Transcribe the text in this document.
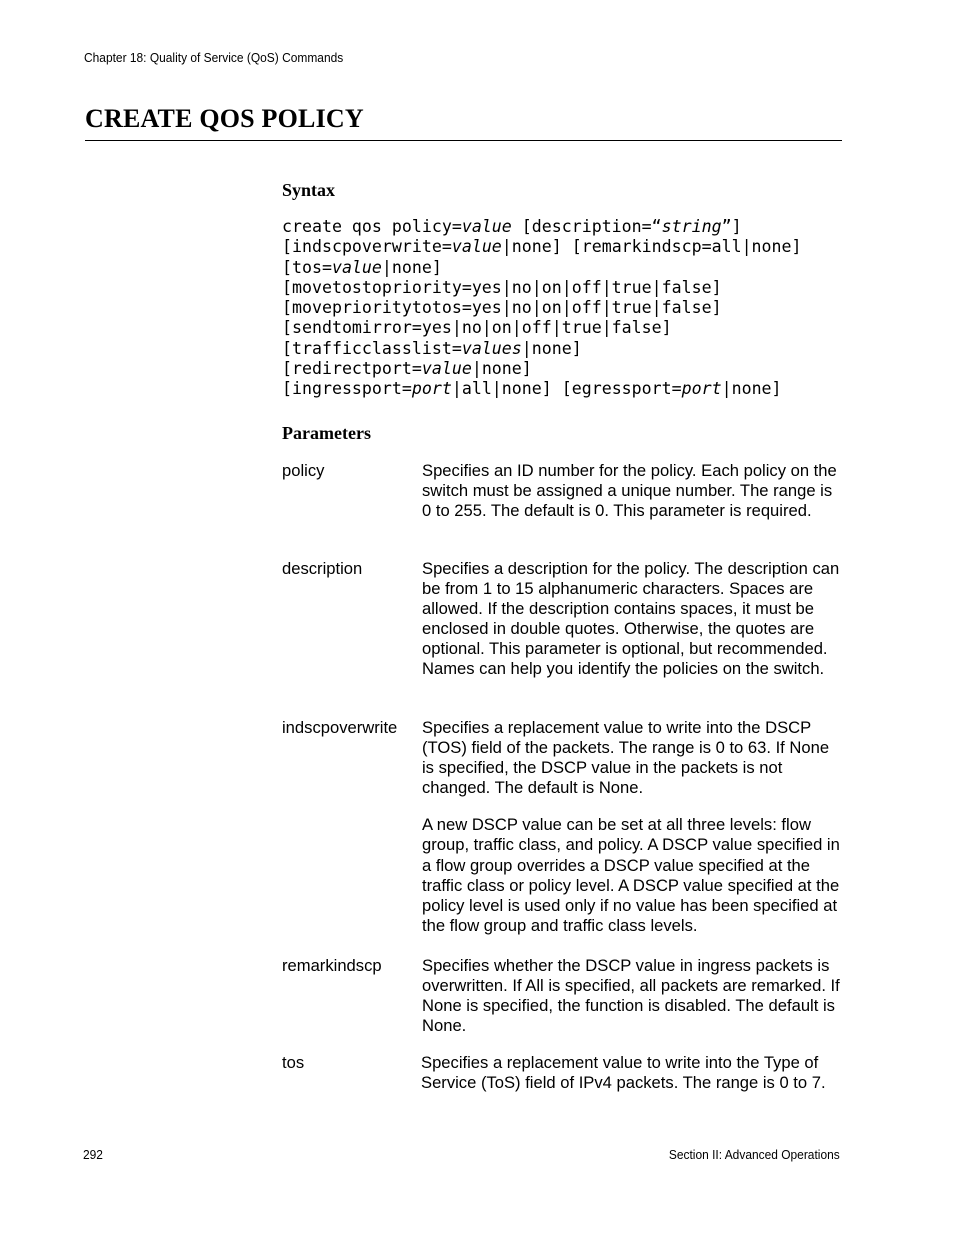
Chapter 18: Quality of Service (QoS) Commands
CREATE QOS POLICY
Syntax
create qos policy=value [description=“string”]
[indscpoverwrite=value|none] [remarkindscp=all|none]
[tos=value|none]
[movetostopriority=yes|no|on|off|true|false]
[moveprioritytotos=yes|no|on|off|true|false]
[sendtomirror=yes|no|on|off|true|false]
[trafficclasslist=values|none]
[redirectport=value|none]
[ingressport=port|all|none] [egressport=port|none]
Parameters
policy	Specifies an ID number for the policy. Each policy on the switch must be assigned a unique number. The range is 0 to 255. The default is 0. This parameter is required.

description	Specifies a description for the policy. The description can be from 1 to 15 alphanumeric characters. Spaces are allowed. If the description contains spaces, it must be enclosed in double quotes. Otherwise, the quotes are optional. This parameter is optional, but recommended. Names can help you identify the policies on the switch.

indscpoverwrite Specifies a replacement value to write into the DSCP (TOS) field of the packets. The range is 0 to 63. If None is specified, the DSCP value in the packets is not changed. The default is None.

A new DSCP value can be set at all three levels: flow group, traffic class, and policy. A DSCP value specified in a flow group overrides a DSCP value specified at the traffic class or policy level. A DSCP value specified at the policy level is used only if no value has been specified at the flow group and traffic class levels.

remarkindscp Specifies whether the DSCP value in ingress packets is overwritten. If All is specified, all packets are remarked. If None is specified, the function is disabled. The default is None.

tos	Specifies a replacement value to write into the Type of Service (ToS) field of IPv4 packets. The range is 0 to 7.

292	Section II: Advanced Operations
